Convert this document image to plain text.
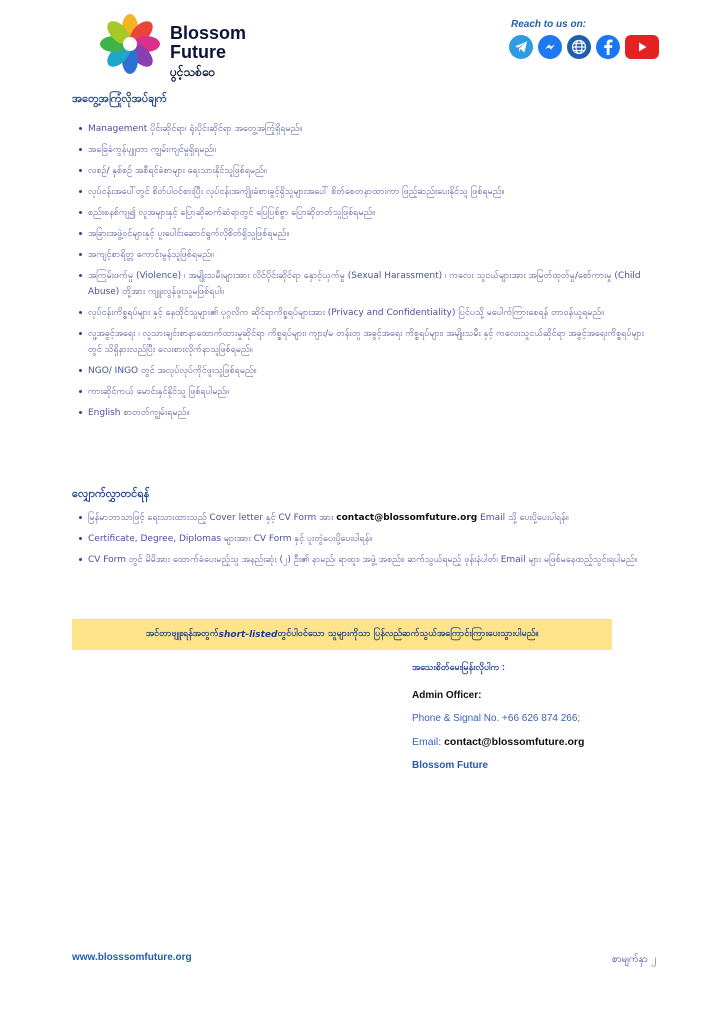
Blossom
Future
ပွင့်သစ်ဝေ
Reach to us on:
အတွေ့အကြုံလိုအပ်ချက်
Management ပိုင်းဆိုင်ရာ၊ ရုံးပိုင်းဆိုင်ရာ အတွေ့အကြုံရှိရမည်။
အခြေခံကွန်ပျူတာ ကျွမ်းကျင်မှုရှိရမည်။
လစဉ်/ နှစ်စဉ် အစီရင်ခံစာများ ရေးသားနိုင်သူဖြစ်ရမည်။
လုပ်ငန်းအပေါ်တွင် စိတ်ပါဝင်စားပြီး လုပ်ငန်းအကျိုးခံစားခွင့်ရှိသူများအပေါ် စိတ်စေတနာထားကာ ဖြည့်ဆည်းပေးနိုင်သူ ဖြစ်ရမည်။
စည်းစနစ်ကျ၍ လူအများနှင့် ပြောဆိုဆက်ဆံရာတွင် ပြေပြစ်စွာ ပြောဆိုတတ်သူဖြစ်ရမည်။
အခြားအဖွဲ့ဝင်များနှင့် ပူးပေါင်းဆောင်ရွက်လိုစိတ်ရှိသူဖြစ်ရမည်။
အကျင့်စာရိတ္တ ကောင်းမွန်သူဖြစ်ရမည်။
အကြမ်းဖက်မှု (Violence) ၊ အမျိုးသမီးများအား လိင်ပိုင်းဆိုင်ရာ နှောင့်ယှက်မှု (Sexual Harassment) ၊ ကလေး သူငယ်များအား အမြတ်ထုတ်မှု/စော်ကားမှု (Child Abuse) တို့အား ကျူးလွန်ဖူးသူမဖြစ်ရပါ။
လုပ်ငန်းကိစ္စရပ်များ နှင့် နေထိုင်သူများ၏ ပုဂ္ဂလိက ဆိုင်ရာကိစ္စရပ်များအား (Privacy and Confidentiality) ပြင်ပသို့ မပေါက်ကြားစေရန် တာဝန်ယူရမည်။
လူ့အခွင့်အရေး ၊ လူသားချင်းစာနာထောက်ထားမှုဆိုင်ရာ ကိစ္စရပ်များ၊ ကျား/မ တန်းတူ အခွင့်အရေး ကိစ္စရပ်များ၊ အမျိုးသမီး နှင့် ကလေးသူငယ်ဆိုင်ရာ အခွင့်အရေးကိစ္စရပ်များတွင် သိရှိနားလည်ပြီး လေးစားလိုက်နာသူဖြစ်ရမည်။
NGO/ INGO တွင် အလုပ်လုပ်ကိုင်ဖူးသူဖြစ်ရမည်။
ကားဆိုင်ကယ် မောင်းနှင်နိုင်သူ ဖြစ်ရပါမည်။
English စာတတ်ကျွမ်းရမည်။
လျှောက်လွှာတင်ရန်
မြန်မာဘာသာဖြင့် ရေးသားထားသည့် Cover letter နှင့် CV Form အား contact@blossomfuture.org Email သို့ ပေးပို့ပေးပါရန်။
Certificate, Degree, Diplomas များအား CV Form နှင့် ပူးတွဲပေးပို့ပေးပါရန်။
CV Form တွင် မိမိအား ထောက်ခံပေးမည့်သူ အနည်းဆုံး (၂) ဦး၏ နာမည်၊ ရာထူး၊ အဖွဲ့ အစည်း၊ ဆက်သွယ်ရမည့် ဖုန်းနံပါတ်၊ Email များ မဖြစ်မနေထည့်သွင်းရပါမည်။
အင်တာဗျူးရန်အတွက် short-listed တွင်ပါဝင်သော သူများကိုသာ ပြန်လည်ဆက်သွယ်အကြောင်းကြားပေးသွားပါမည်။
အသေးစိတ်မေးမြန်းလိုပါက :
Admin Officer:
Phone & Signal No. +66 626 874 266;
Email: contact@blossomfuture.org
Blossom Future
www.blosssomfuture.org	စာမျက်နှာ ၂
